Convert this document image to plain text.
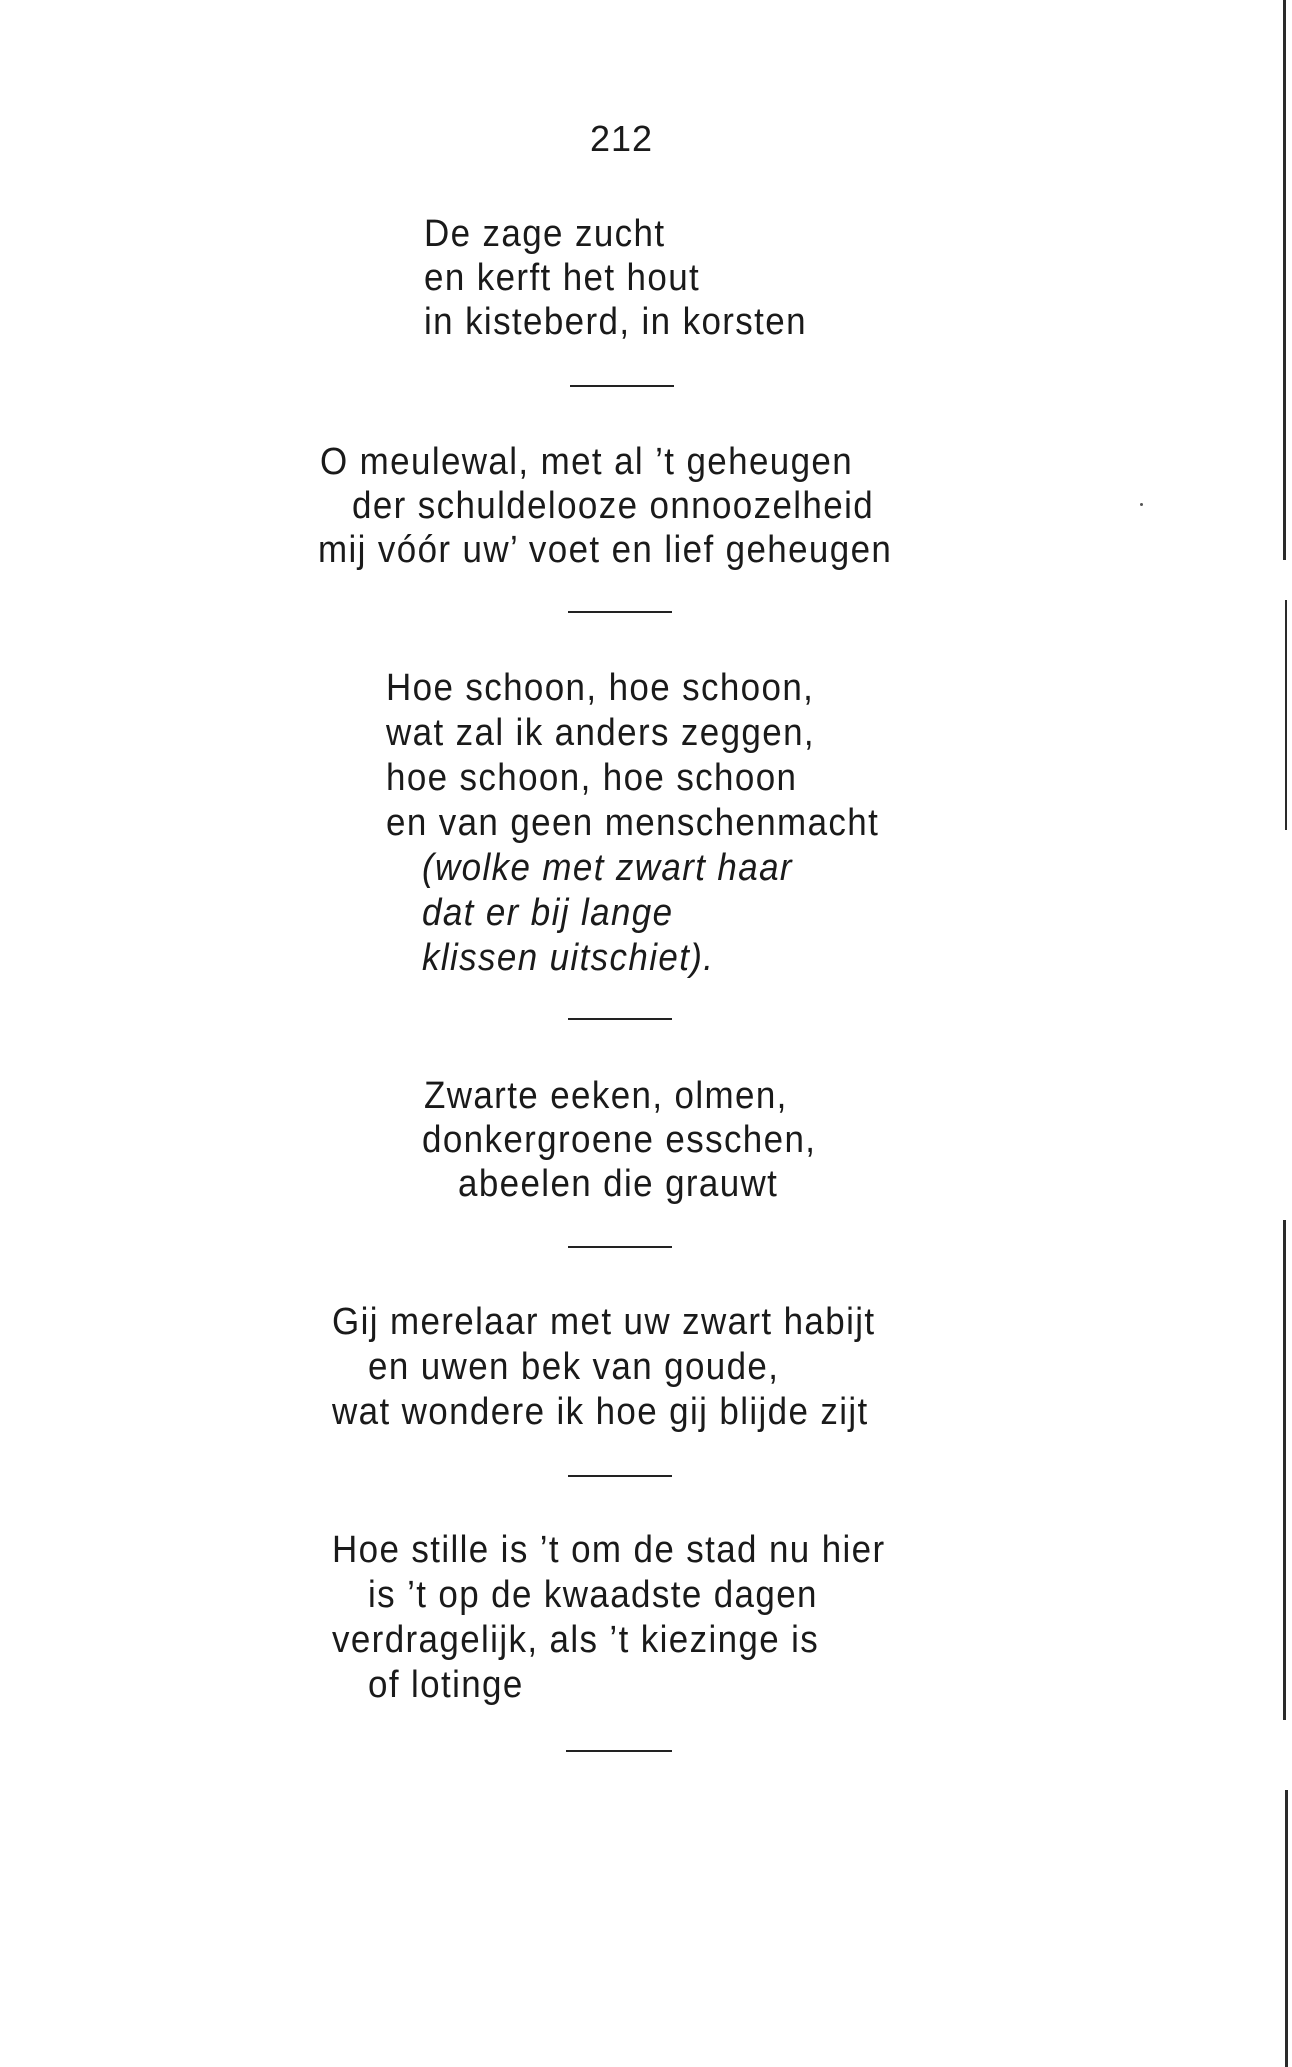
212
De zage zucht
en kerft het hout
in kisteberd, in korsten
O meulewal, met al ’t geheugen
der schuldelooze onnoozelheid
mij vóór uw’ voet en lief geheugen
Hoe schoon, hoe schoon,
wat zal ik anders zeggen,
hoe schoon, hoe schoon
en van geen menschenmacht
(wolke met zwart haar
dat er bij lange
klissen uitschiet).
Zwarte eeken, olmen,
donkergroene esschen,
abeelen die grauwt
Gij merelaar met uw zwart habijt
en uwen bek van goude,
wat wondere ik hoe gij blijde zijt
Hoe stille is ’t om de stad nu hier
is ’t op de kwaadste dagen
verdragelijk, als ’t kiezinge is
of lotinge
